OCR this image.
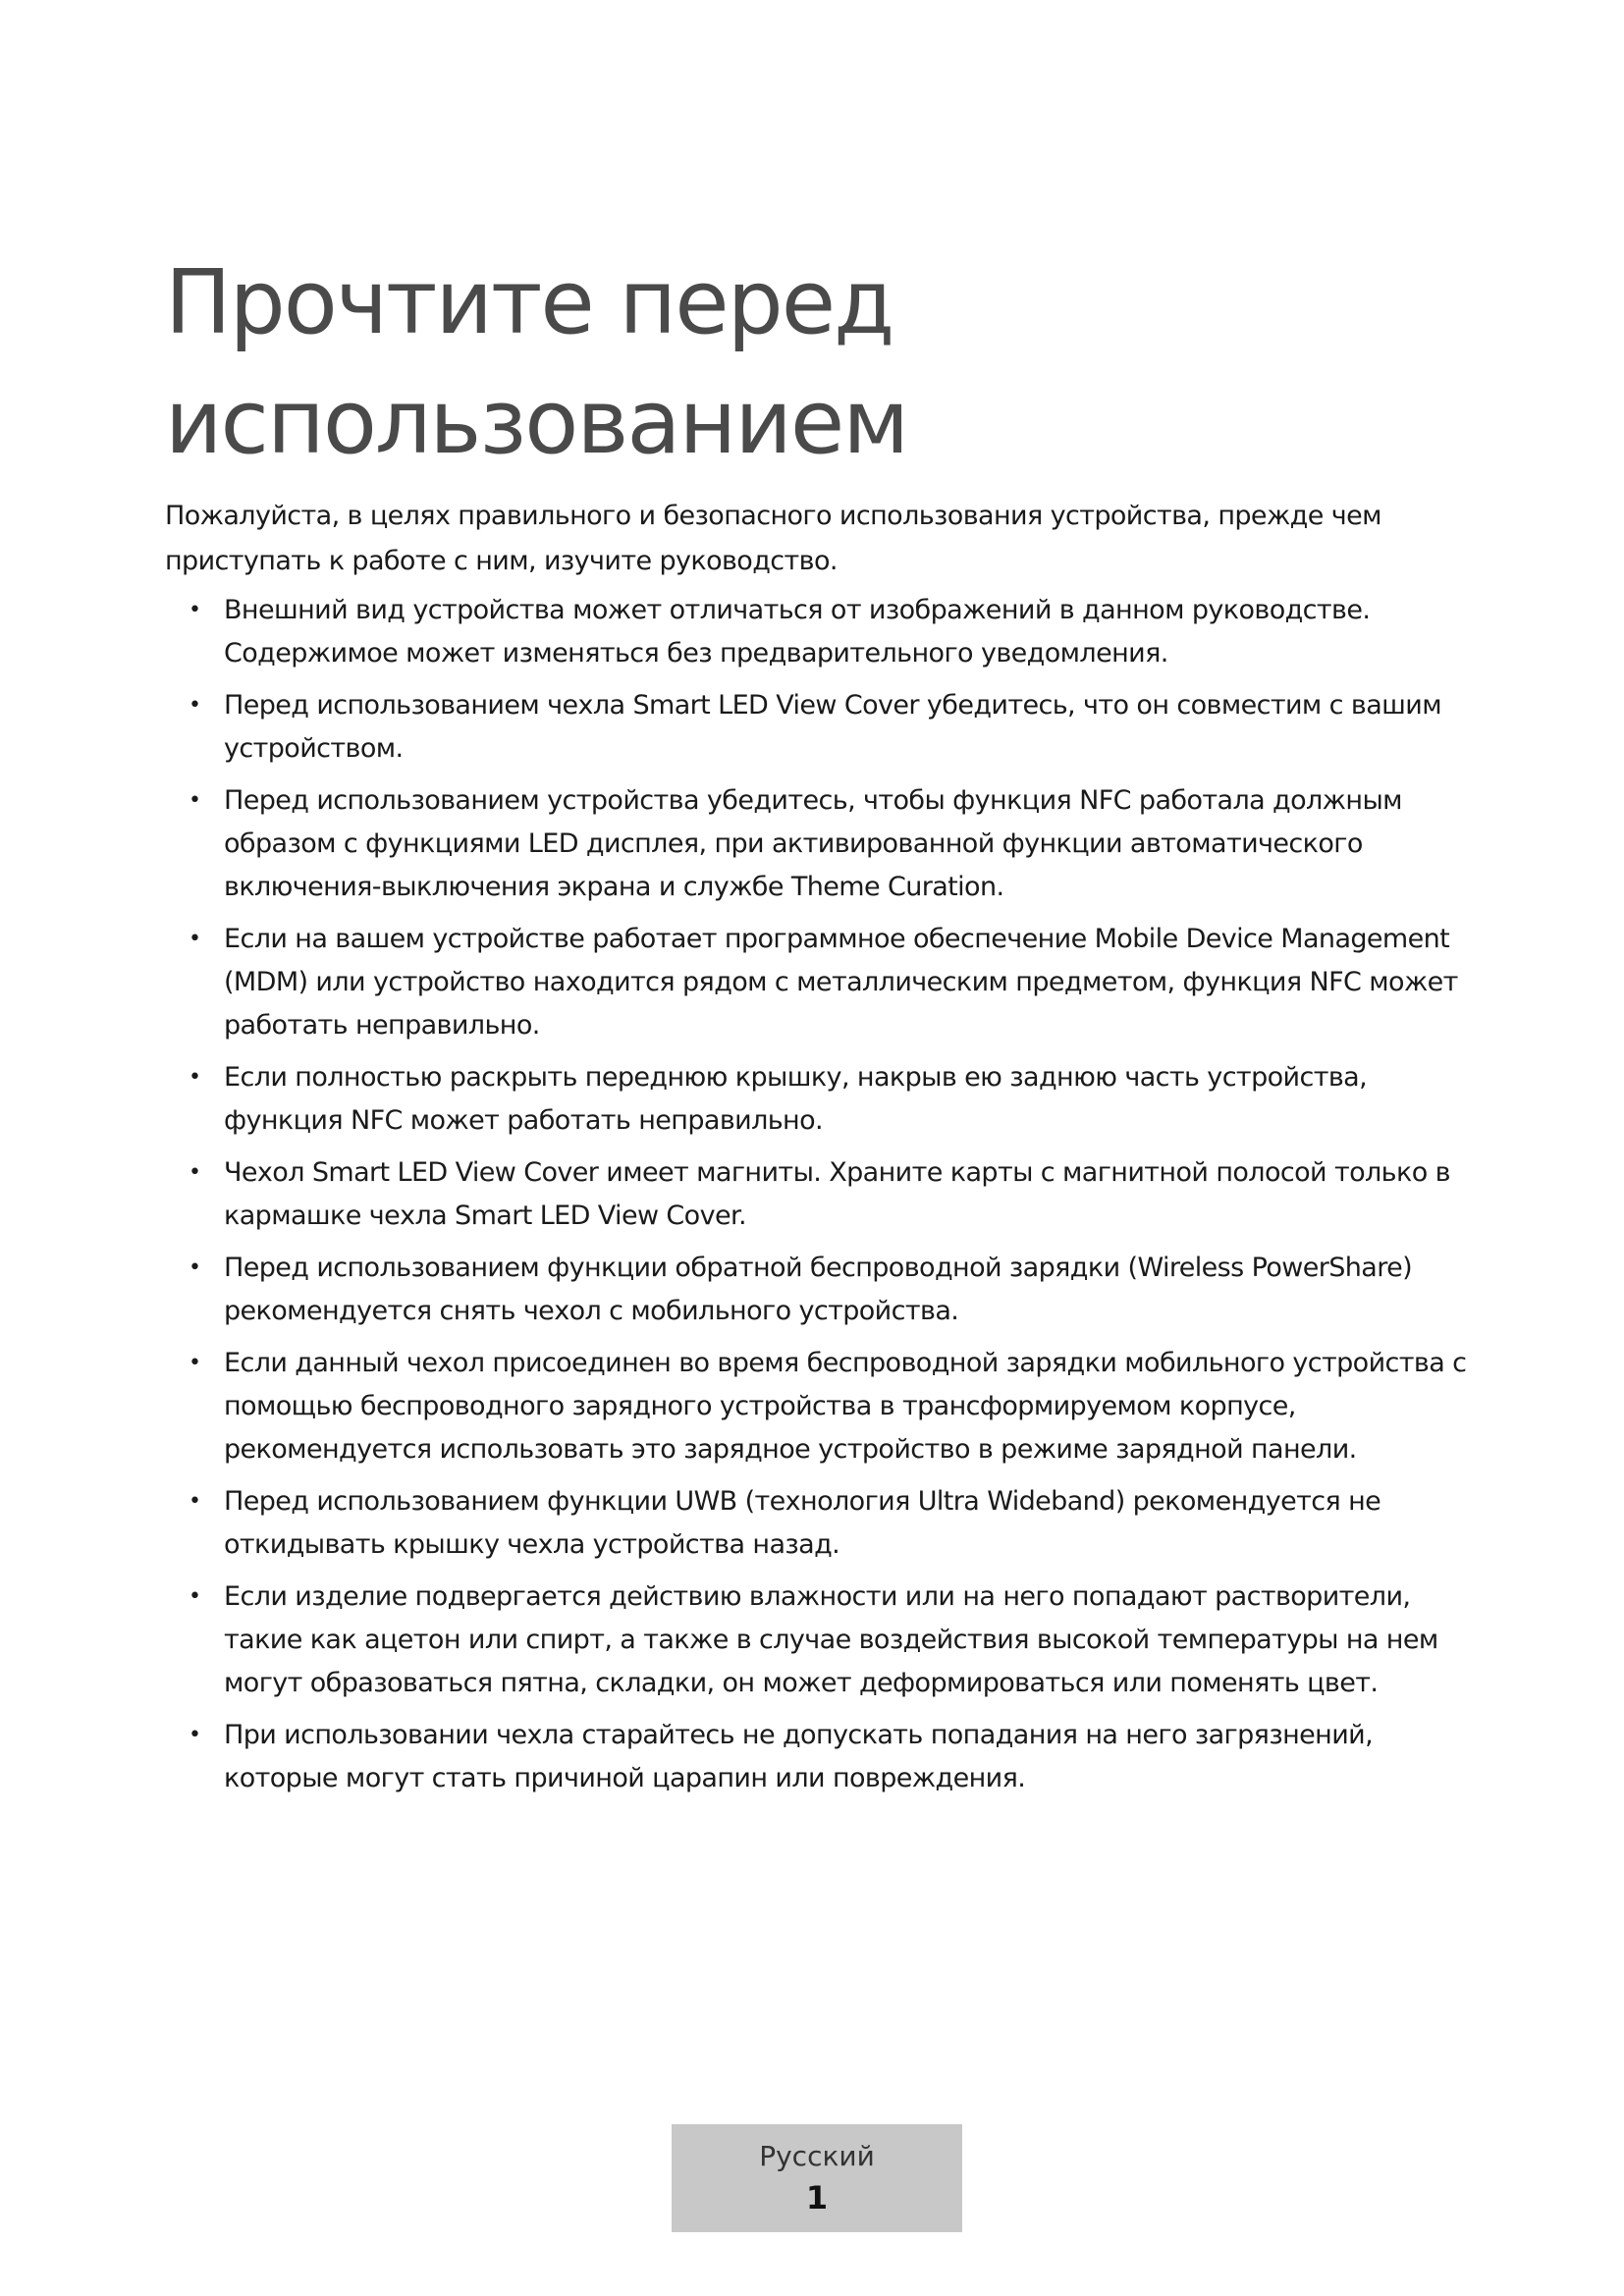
Прочтите перед
использованием

Пожалуйста, в целях правильного и безопасного использования устройства, прежде чем приступать к работе с ним, изучите руководство.

• Внешний вид устройства может отличаться от изображений в данном руководстве. Содержимое может изменяться без предварительного уведомления.
• Перед использованием чехла Smart LED View Cover убедитесь, что он совместим с вашим устройством.
• Перед использованием устройства убедитесь, чтобы функция NFC работала должным образом с функциями LED дисплея, при активированной функции автоматического включения-выключения экрана и службе Theme Curation.
• Если на вашем устройстве работает программное обеспечение Mobile Device Management (MDM) или устройство находится рядом с металлическим предметом, функция NFC может работать неправильно.
• Если полностью раскрыть переднюю крышку, накрыв ею заднюю часть устройства, функция NFC может работать неправильно.
• Чехол Smart LED View Cover имеет магниты. Храните карты с магнитной полосой только в кармашке чехла Smart LED View Cover.
• Перед использованием функции обратной беспроводной зарядки (Wireless PowerShare) рекомендуется снять чехол с мобильного устройства.
• Если данный чехол присоединен во время беспроводной зарядки мобильного устройства с помощью беспроводного зарядного устройства в трансформируемом корпусе, рекомендуется использовать это зарядное устройство в режиме зарядной панели.
• Перед использованием функции UWB (технология Ultra Wideband) рекомендуется не откидывать крышку чехла устройства назад.
• Если изделие подвергается действию влажности или на него попадают растворители, такие как ацетон или спирт, а также в случае воздействия высокой температуры на нем могут образоваться пятна, складки, он может деформироваться или поменять цвет.
• При использовании чехла старайтесь не допускать попадания на него загрязнений, которые могут стать причиной царапин или повреждения.
Русский
1
